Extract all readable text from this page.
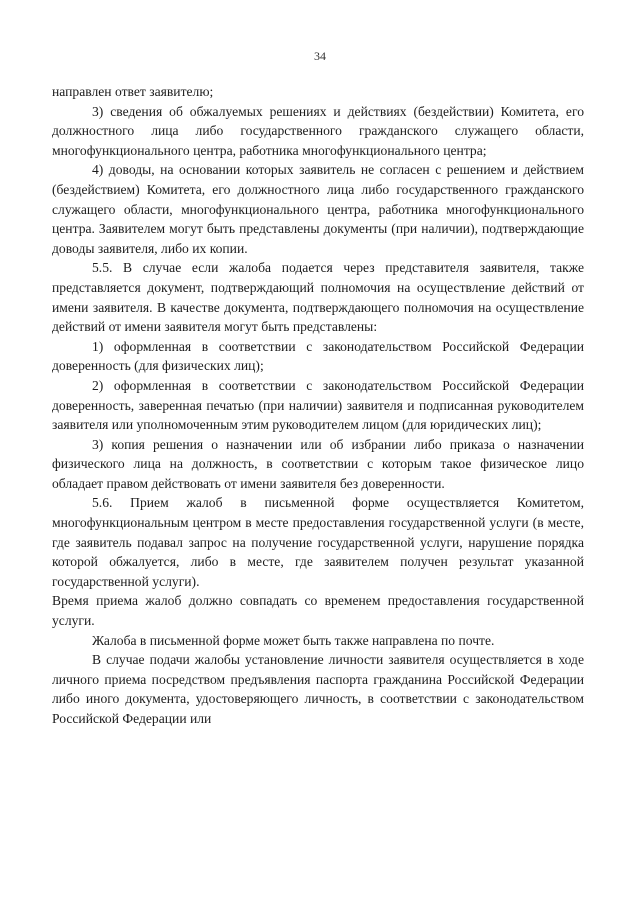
34

направлен ответ заявителю;

3) сведения об обжалуемых решениях и действиях (бездействии) Комитета, его должностного лица либо государственного гражданского служащего области, многофункционального центра, работника многофункционального центра;

4) доводы, на основании которых заявитель не согласен с решением и действием (бездействием) Комитета, его должностного лица либо государственного гражданского служащего области, многофункционального центра, работника многофункционального центра. Заявителем могут быть представлены документы (при наличии), подтверждающие доводы заявителя, либо их копии.

5.5. В случае если жалоба подается через представителя заявителя, также представляется документ, подтверждающий полномочия на осуществление действий от имени заявителя. В качестве документа, подтверждающего полномочия на осуществление действий от имени заявителя могут быть представлены:

1) оформленная в соответствии с законодательством Российской Федерации доверенность (для физических лиц);

2) оформленная в соответствии с законодательством Российской Федерации доверенность, заверенная печатью (при наличии) заявителя и подписанная руководителем заявителя или уполномоченным этим руководителем лицом (для юридических лиц);

3) копия решения о назначении или об избрании либо приказа о назначении физического лица на должность, в соответствии с которым такое физическое лицо обладает правом действовать от имени заявителя без доверенности.

5.6. Прием жалоб в письменной форме осуществляется Комитетом, многофункциональным центром в месте предоставления государственной услуги (в месте, где заявитель подавал запрос на получение государственной услуги, нарушение порядка которой обжалуется, либо в месте, где заявителем получен результат указанной государственной услуги).

Время приема жалоб должно совпадать со временем предоставления государственной услуги.

Жалоба в письменной форме может быть также направлена по почте.

В случае подачи жалобы установление личности заявителя осуществляется в ходе личного приема посредством предъявления паспорта гражданина Российской Федерации либо иного документа, удостоверяющего личность, в соответствии с законодательством Российской Федерации или
